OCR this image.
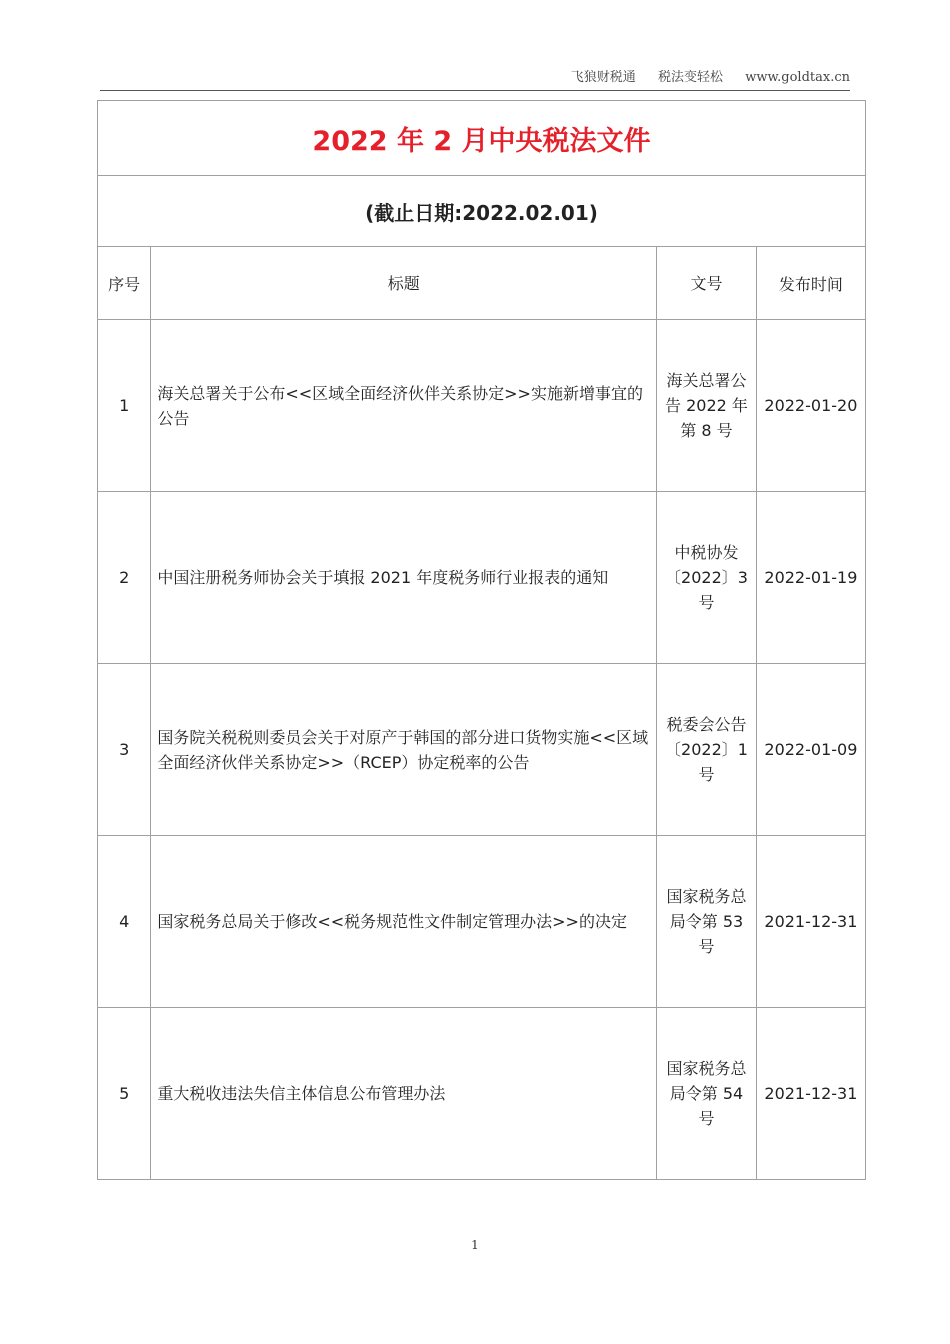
飞狼财税通 税法变轻松 www.goldtax.cn
2022 年 2 月中央税法文件
(截止日期:2022.02.01)
序号	标题	文号	发布时间
1	海关总署关于公布<<区域全面经济伙伴关系协定>>实施新增事宜的公告	海关总署公告 2022 年第 8 号	2022-01-20
2	中国注册税务师协会关于填报 2021 年度税务师行业报表的通知	中税协发〔2022〕3 号	2022-01-19
3	国务院关税税则委员会关于对原产于韩国的部分进口货物实施<<区域全面经济伙伴关系协定>>（RCEP）协定税率的公告	税委会公告〔2022〕1 号	2022-01-09
4	国家税务总局关于修改<<税务规范性文件制定管理办法>>的决定	国家税务总局令第 53 号	2021-12-31
5	重大税收违法失信主体信息公布管理办法	国家税务总局令第 54 号	2021-12-31
1
